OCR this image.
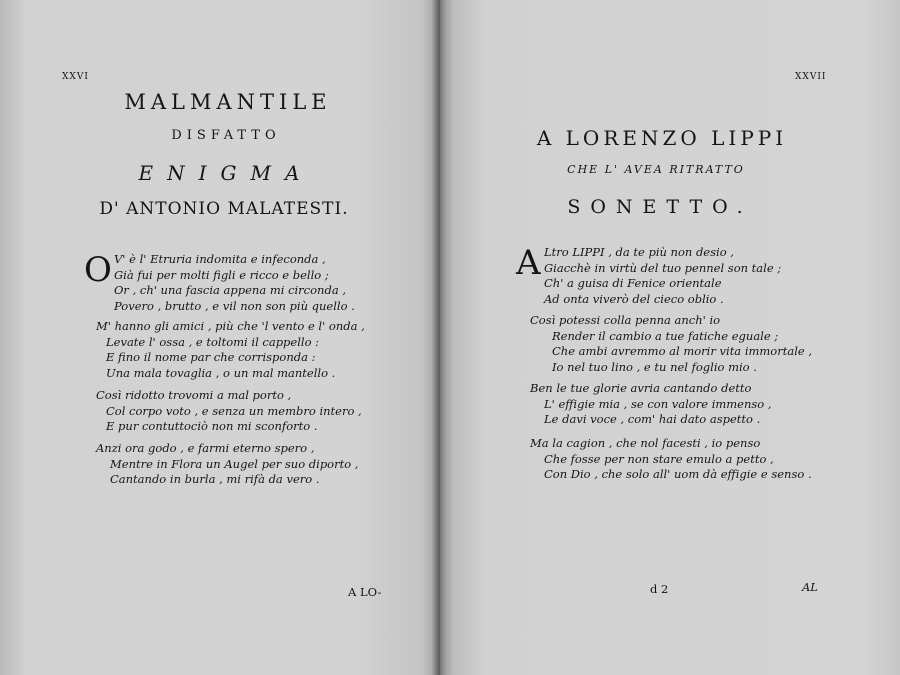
XXVI
MALMANTILE
DISFATTO
ENIGMA
D' ANTONIO MALATESTI.
O V' è l' Etruria indomita e infeconda ,
Già fui per molti figli e ricco e bello ;
Or , ch' una fascia appena mi circonda ,
Povero , brutto , e vil non son più quello .
M' hanno gli amici , più che 'l vento e l' onda ,
Levate l' ossa , e toltomi il cappello :
E fino il nome par che corrisponda :
Una mala tovaglia , o un mal mantello .
Così ridotto trovomi a mal porto ,
Col corpo voto , e senza un membro intero ,
E pur contuttociò non mi sconforto .
Anzi ora godo , e farmi eterno spero ,
Mentre in Flora un Augel per suo diporto ,
Cantando in burla , mi rifà da vero .
A LO-
XXVII
A LORENZO LIPPI
CHE L' AVEA RITRATTO
SONETTO.
A Ltro LIPPI , da te più non desio ,
Giacchè in virtù del tuo pennel son tale ;
Ch' a guisa di Fenice orientale
Ad onta viverò del cieco oblio .
Così potessi colla penna anch' io
Render il cambio a tue fatiche eguale ;
Che ambi avremmo al morir vita immortale ,
Io nel tuo lino , e tu nel foglio mio .
Ben le tue glorie avria cantando detto
L' effigie mia , se con valore immenso ,
Le davi voce , com' hai dato aspetto .
Ma la cagion , che nol facesti , io penso
Che fosse per non stare emulo a petto ,
Con Dio , che solo all' uom dà effigie e senso .
d 2	AL
